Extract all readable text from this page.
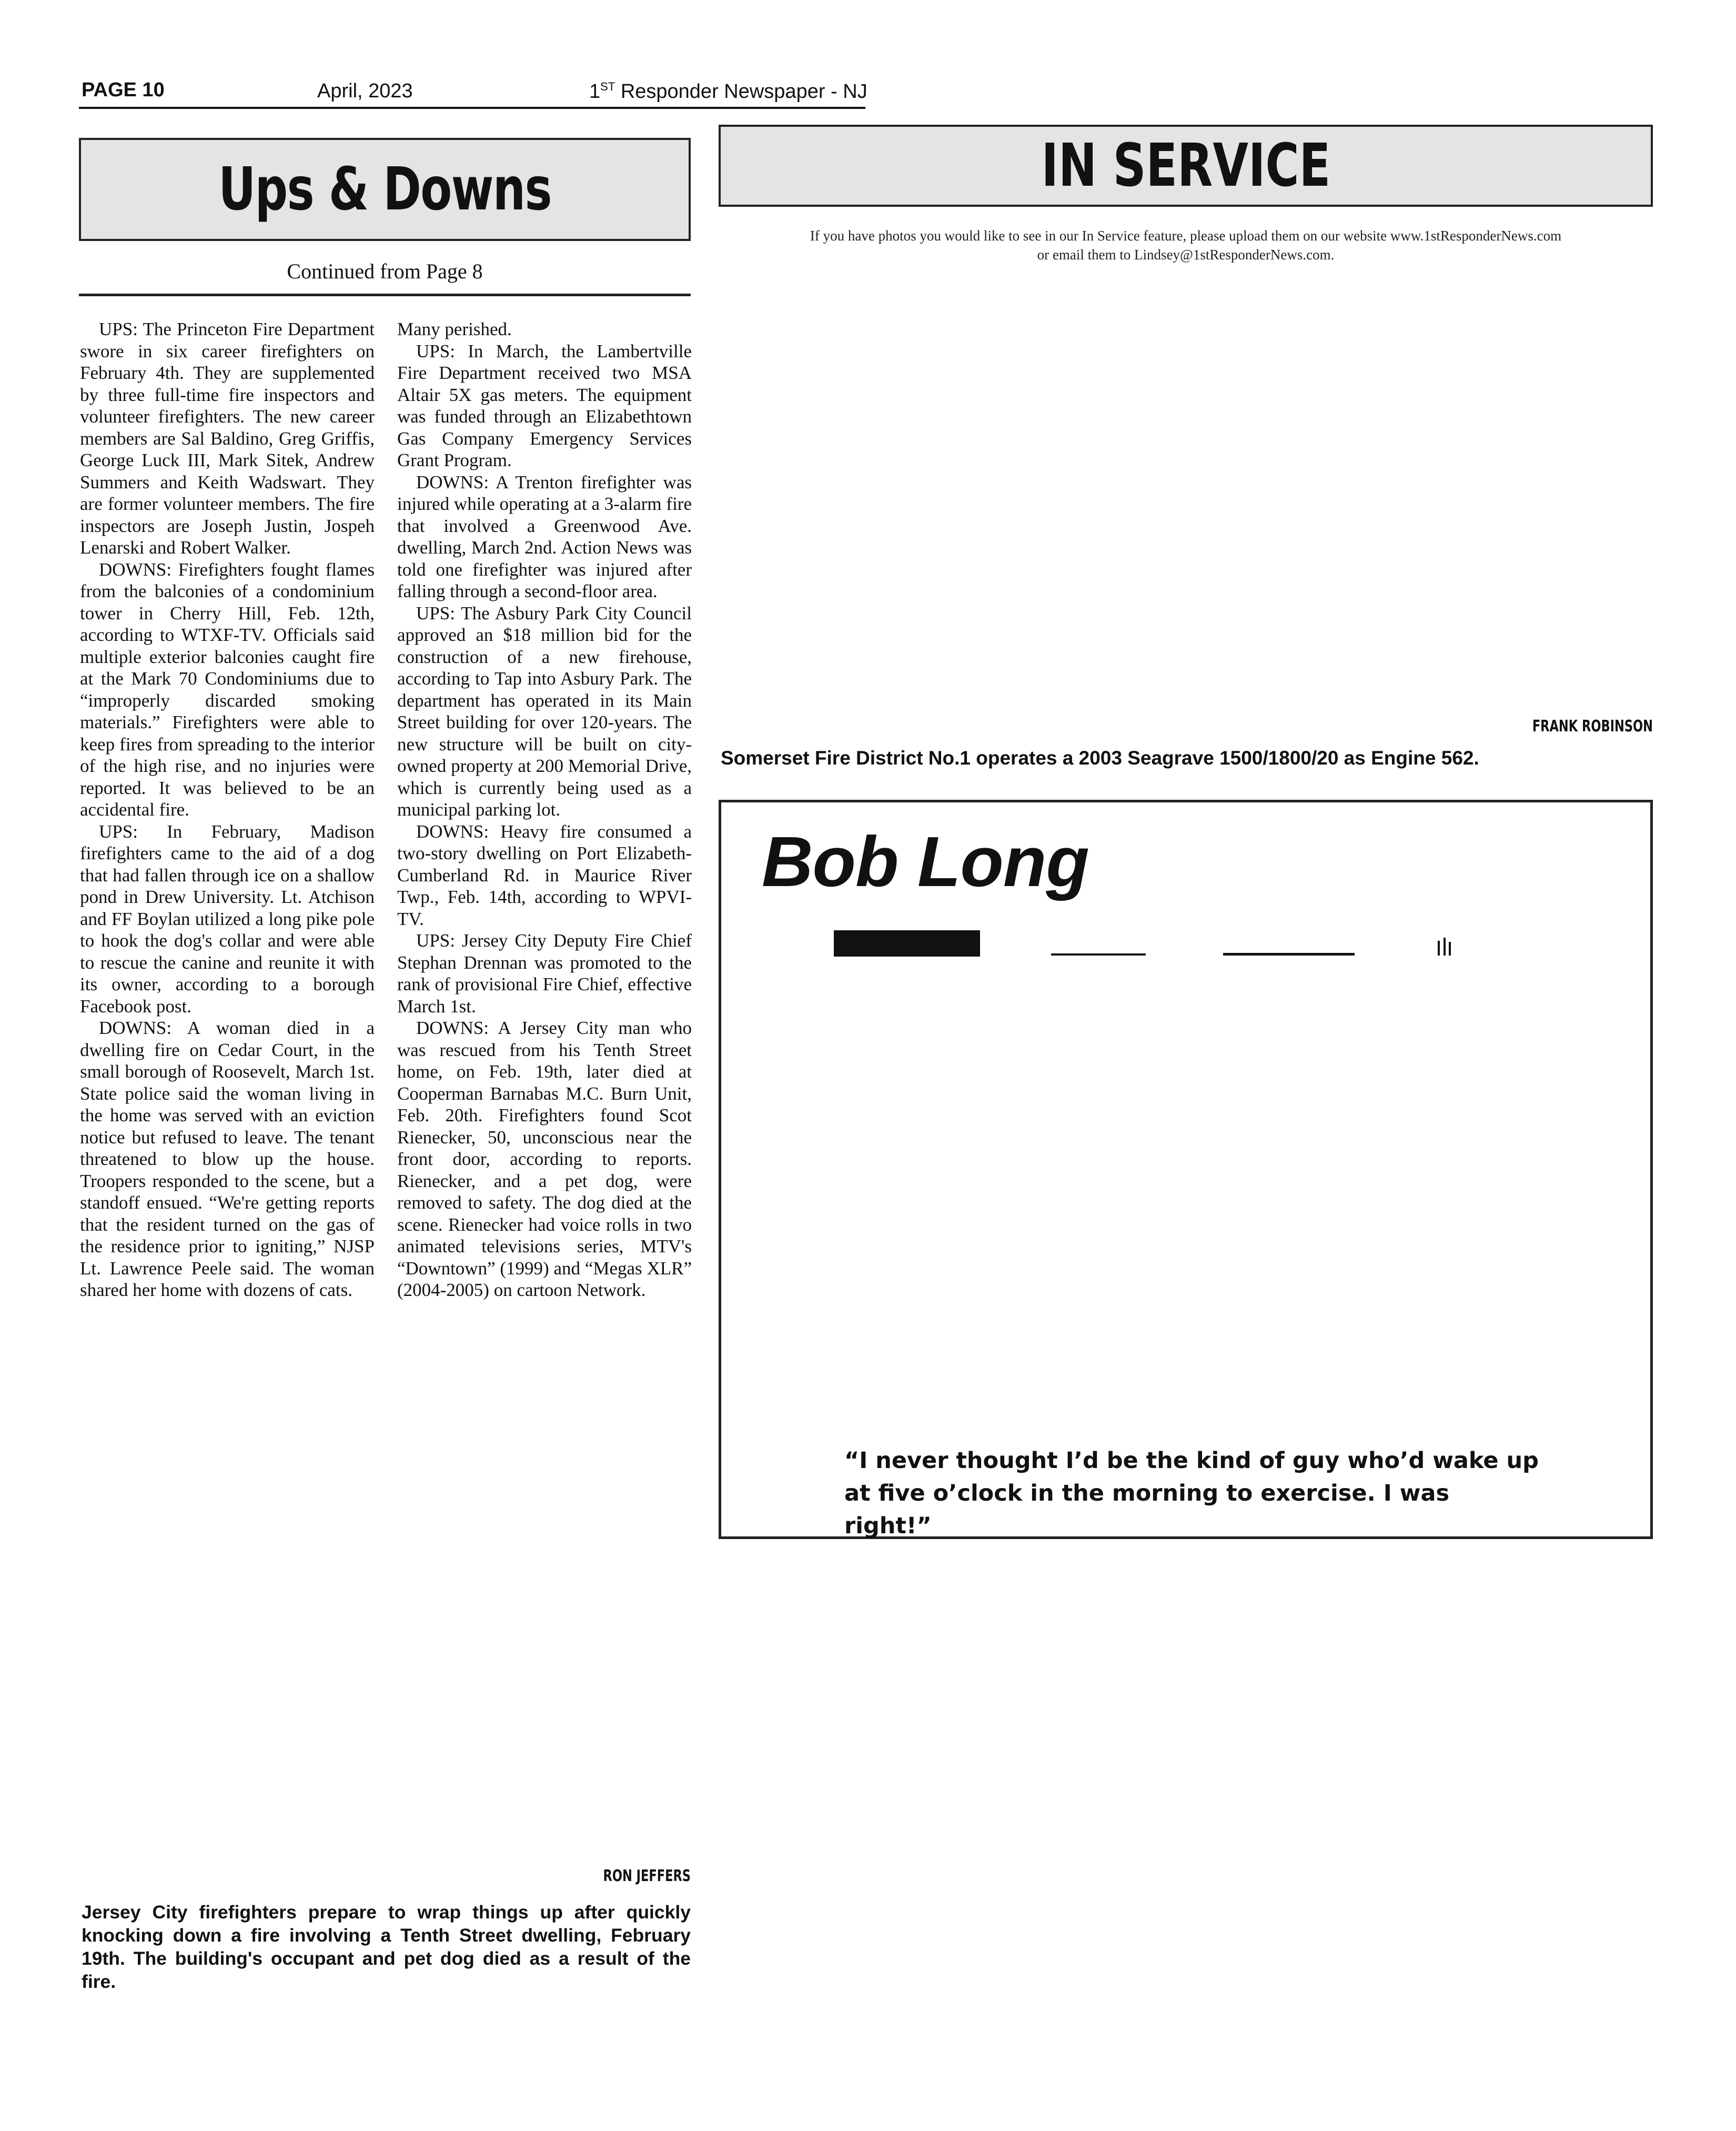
PAGE 10	April, 2023	1ST Responder Newspaper - NJ
Ups & Downs
Continued from Page 8

UPS: The Princeton Fire Department swore in six career firefighters on February 4th. They are supplemented by three full-time fire inspectors and volunteer firefighters. The new career members are Sal Baldino, Greg Griffis, George Luck III, Mark Sitek, Andrew Summers and Keith Wadswart. They are former volunteer members. The fire inspectors are Joseph Justin, Jospeh Lenarski and Robert Walker.

DOWNS: Firefighters fought flames from the balconies of a condominium tower in Cherry Hill, Feb. 12th, according to WTXF-TV. Officials said multiple exterior balconies caught fire at the Mark 70 Condominiums due to “improperly discarded smoking materials.” Firefighters were able to keep fires from spreading to the interior of the high rise, and no injuries were reported. It was believed to be an accidental fire.

UPS: In February, Madison firefighters came to the aid of a dog that had fallen through ice on a shallow pond in Drew University. Lt. Atchison and FF Boylan utilized a long pike pole to hook the dog's collar and were able to rescue the canine and reunite it with its owner, according to a borough Facebook post.

DOWNS: A woman died in a dwelling fire on Cedar Court, in the small borough of Roosevelt, March 1st. State police said the woman living in the home was served with an eviction notice but refused to leave. The tenant threatened to blow up the house. Troopers responded to the scene, but a standoff ensued. “We're getting reports that the resident turned on the gas of the residence prior to igniting,” NJSP Lt. Lawrence Peele said. The woman shared her home with dozens of cats.

Many perished.

UPS: In March, the Lambertville Fire Department received two MSA Altair 5X gas meters. The equipment was funded through an Elizabethtown Gas Company Emergency Services Grant Program.

DOWNS: A Trenton firefighter was injured while operating at a 3-alarm fire that involved a Greenwood Ave. dwelling, March 2nd. Action News was told one firefighter was injured after falling through a second-floor area.

UPS: The Asbury Park City Council approved an $18 million bid for the construction of a new firehouse, according to Tap into Asbury Park. The department has operated in its Main Street building for over 120-years. The new structure will be built on city-owned property at 200 Memorial Drive, which is currently being used as a municipal parking lot.

DOWNS: Heavy fire consumed a two-story dwelling on Port Elizabeth-Cumberland Rd. in Maurice River Twp., Feb. 14th, according to WPVI-TV.

UPS: Jersey City Deputy Fire Chief Stephan Drennan was promoted to the rank of provisional Fire Chief, effective March 1st.

DOWNS: A Jersey City man who was rescued from his Tenth Street home, on Feb. 19th, later died at Cooperman Barnabas M.C. Burn Unit, Feb. 20th. Firefighters found Scot Rienecker, 50, unconscious near the front door, according to reports. Rienecker, and a pet dog, were removed to safety. The dog died at the scene. Rienecker had voice rolls in two animated televisions series, MTV's “Downtown” (1999) and “Megas XLR” (2004-2005) on cartoon Network.

RON JEFFERS
Jersey City firefighters prepare to wrap things up after quickly knocking down a fire involving a Tenth Street dwelling, February 19th. The building's occupant and pet dog died as a result of the fire.
IN SERVICE
If you have photos you would like to see in our In Service feature, please upload them on our website www.1stResponderNews.com
or email them to Lindsey@1stResponderNews.com.
FRANK ROBINSON
Somerset Fire District No.1 operates a 2003 Seagrave 1500/1800/20 as Engine 562.
Bob Long
“I never thought I’d be the kind of guy who’d wake up
at five o’clock in the morning to exercise. I was right!”
